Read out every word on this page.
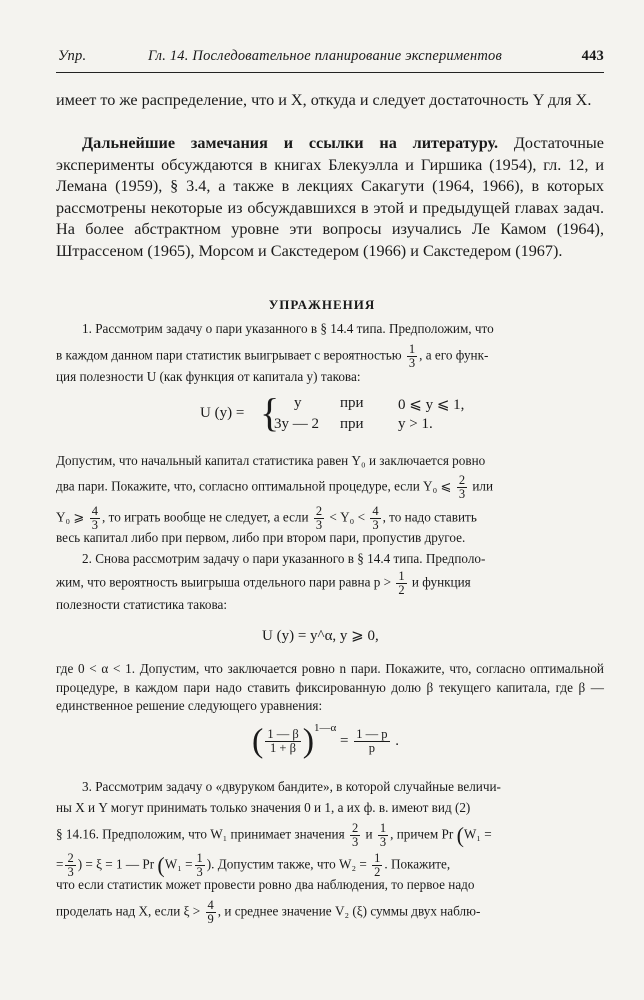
Упр.	Гл. 14. Последовательное планирование экспериментов	443
имеет то же распределение, что и X, откуда и следует достаточность Y для X.
Дальнейшие замечания и ссылки на литературу. Достаточные эксперименты обсуждаются в книгах Блекуэлла и Гиршика (1954), гл. 12, и Лемана (1959), § 3.4, а также в лекциях Сакагути (1964, 1966), в которых рассмотрены некоторые из обсуждавшихся в этой и предыдущей главах задач. На более абстрактном уровне эти вопросы изучались Ле Камом (1964), Штрассеном (1965), Морсом и Сакстедером (1966) и Сакстедером (1967).
УПРАЖНЕНИЯ
1. Рассмотрим задачу о пари указанного в § 14.4 типа. Предположим, что
в каждом данном пари статистик выигрывает с вероятностью $\frac{1}{3}$ , а его функ-
ция полезности U (как функция от капитала y) такова:
U (y) = { y	при 0 ⩽ y ⩽ 1,
3y — 2 при y > 1.
Допустим, что начальный капитал статистика равен Y₀ и заключается ровно
два пари. Покажите, что, согласно оптимальной процедуре, если Y₀ ⩽ $\frac{2}{3}$ или
Y₀ ⩾ $\frac{4}{3}$ , то играть вообще не следует, а если $\frac{2}{3} < Y_0 < \frac{4}{3}$ , то надо ставить
весь капитал либо при первом, либо при втором пари, пропустив другое.
2. Снова рассмотрим задачу о пари указанного в § 14.4 типа. Предполо-
жим, что вероятность выигрыша отдельного пари равна $p > \frac{1}{2}$ и функция
полезности статистика такова:
U (y) = y^α, y ⩾ 0,
где 0 < α < 1. Допустим, что заключается ровно n пари. Покажите, что, согласно оптимальной процедуре, в каждом пари надо ставить фиксированную долю β текущего капитала, где β — единственное решение следующего уравнения:
( $\frac{1 — \beta}{1 + \beta} )^{1—\alpha} = \frac{1 — p}{p}$ .
3. Рассмотрим задачу о «двуруком бандите», в которой случайные величи-
ны X и Y могут принимать только значения 0 и 1, а их ф. в. имеют вид (2)
§ 14.16. Предположим, что W₁ принимает значения $\frac{2}{3}$ и $\frac{1}{3}$ , причем Pr (W₁ =
= $\frac{2}{3}$ ) = ξ = 1 — Pr ($W_1 = \frac{1}{3}$ ). Допустим также, что $W_2 = \frac{1}{2}$ . Покажите,
что если статистик может провести ровно два наблюдения, то первое надо
проделать над X, если $\xi > \frac{4}{9}$ , и среднее значение V₂ (ξ) суммы двух наблю-
